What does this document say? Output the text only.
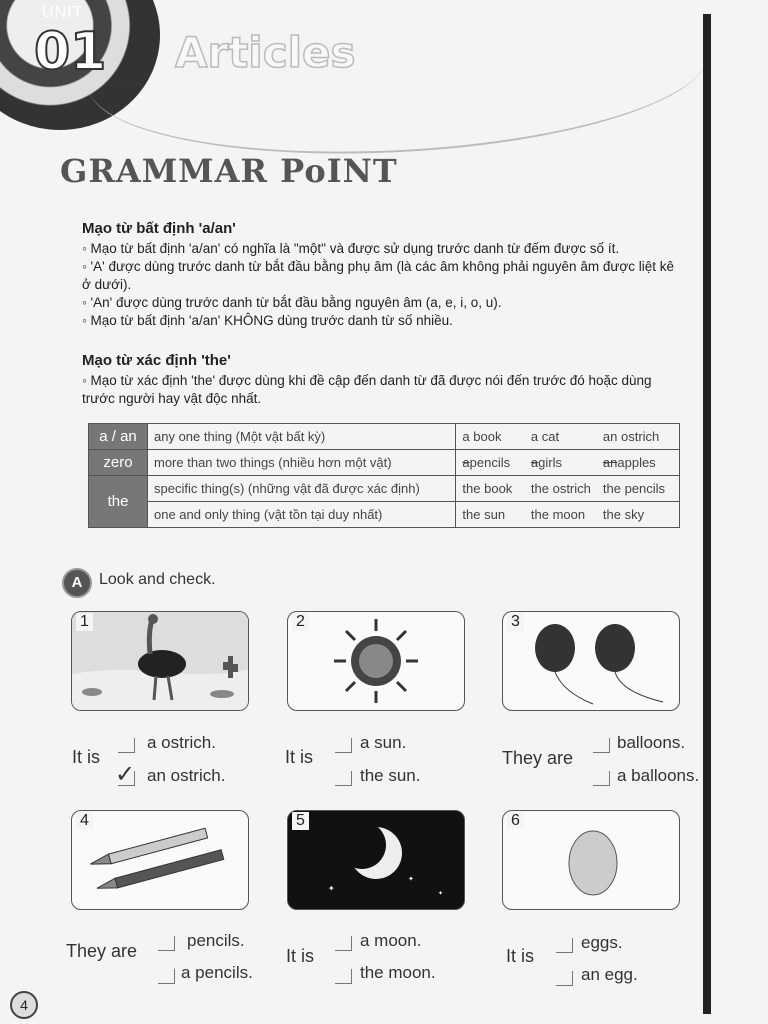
UNIT
01 Articles
GRAMMAR PoINT
Mạo từ bất định 'a/an'
◦ Mạo từ bất định 'a/an' có nghĩa là "một" và được sử dụng trước danh từ đếm được số ít.
◦ 'A' được dùng trước danh từ bắt đầu bằng phụ âm (là các âm không phải nguyên âm được liệt kê ở dưới).
◦ 'An' được dùng trước danh từ bắt đầu bằng nguyên âm (a, e, i, o, u).
◦ Mạo từ bất định 'a/an' KHÔNG dùng trước danh từ số nhiều.
Mạo từ xác định 'the'
◦ Mạo từ xác định 'the' được dùng khi đề cập đến danh từ đã được nói đến trước đó hoặc dùng trước người hay vật độc nhất.
a / an	any one thing (Một vật bất kỳ)	a book	a cat	an ostrich
zero	more than two things (nhiều hơn một vật)	apencils	agirls	anapples
the	specific thing(s) (những vật đã được xác định)	the book	the ostrich	the pencils
	one and only thing (vật tồn tại duy nhất)	the sun	the moon	the sky
A	Look and check.
1	2	3
4
✦
✦
✦
5	6
It is
a ostrich.
✓ an ostrich.
It is
a sun.
the sun.
They are
balloons.
a balloons.
They are
pencils.
a pencils.
It is
a moon.
the moon.
It is
eggs.
an egg.
4
